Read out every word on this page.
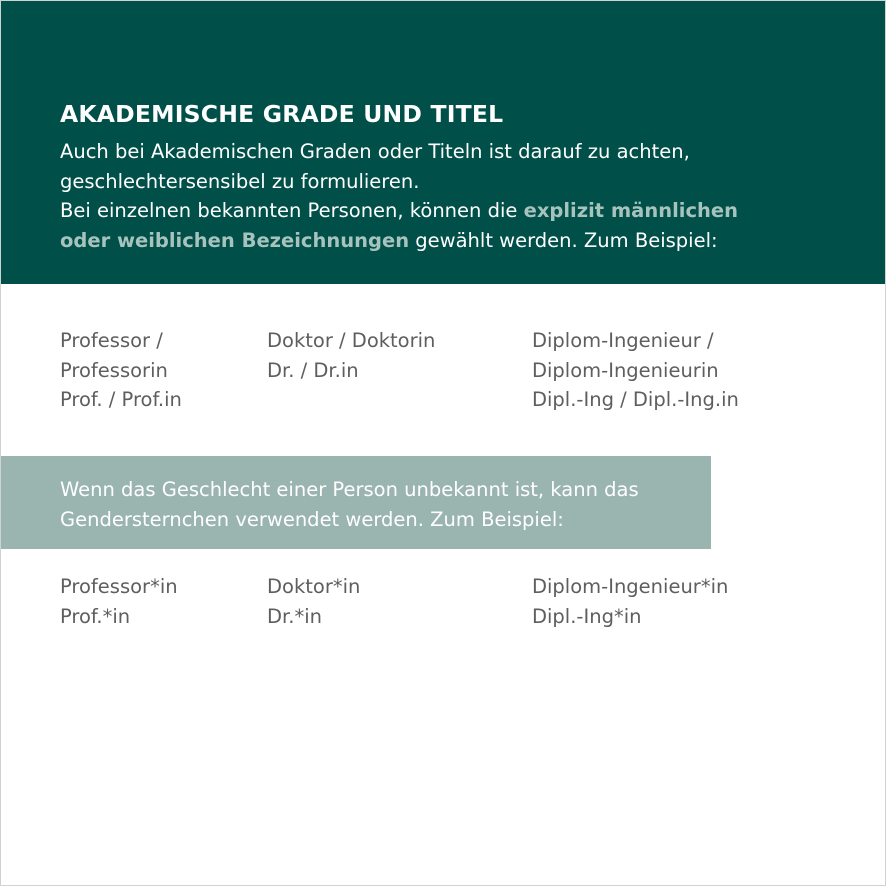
AKADEMISCHE GRADE UND TITEL

Auch bei Akademischen Graden oder Titeln ist darauf zu achten,

geschlechtersensibel zu formulieren.

Bei einzelnen bekannten Personen, können die explizit männlichen

oder weiblichen Bezeichnungen gewählt werden. Zum Beispiel:

Professor /
Professorin
Prof. / Prof.in
Doktor / Doktorin
Dr. / Dr.in
Diplom-Ingenieur /
Diplom-Ingenieurin
Dipl.-Ing / Dipl.-Ing.in

Wenn das Geschlecht einer Person unbekannt ist, kann das
Gendersternchen verwendet werden. Zum Beispiel:

Professor*in
Prof.*in
Doktor*in
Dr.*in
Diplom-Ingenieur*in
Dipl.-Ing*in
